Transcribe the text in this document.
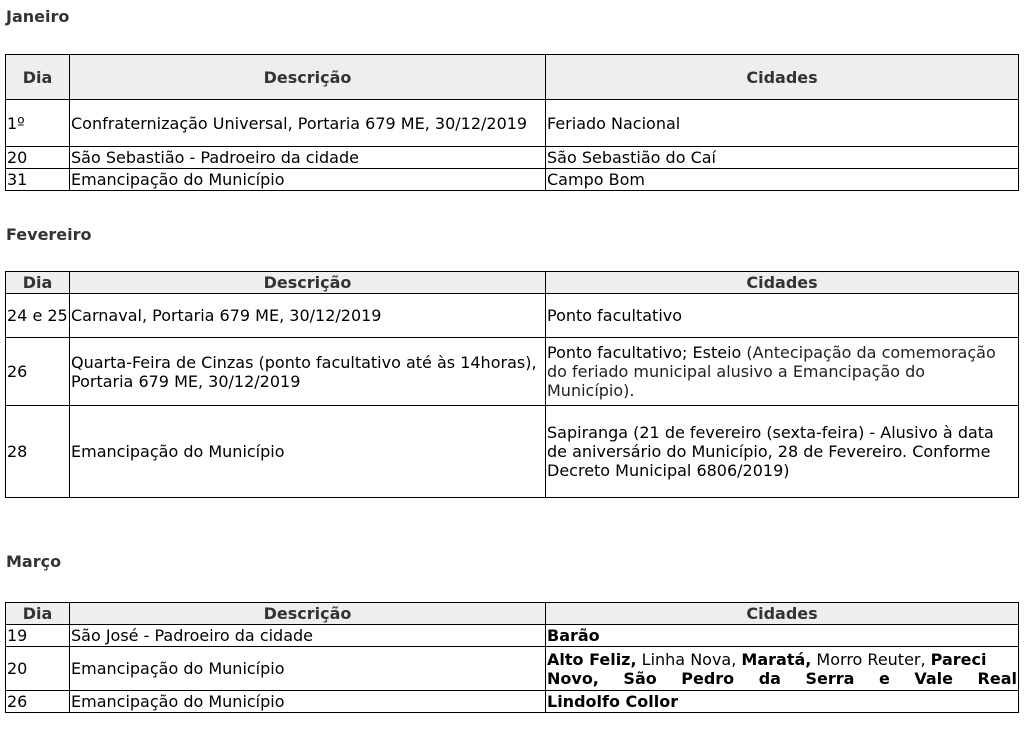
Janeiro
Dia	Descrição	Cidades
1º	Confraternização Universal, Portaria 679 ME, 30/12/2019	Feriado Nacional
20	São Sebastião - Padroeiro da cidade	São Sebastião do Caí
31	Emancipação do Município	Campo Bom
Fevereiro
Dia	Descrição	Cidades
24 e 25	Carnaval, Portaria 679 ME, 30/12/2019	Ponto facultativo
26	Quarta-Feira de Cinzas (ponto facultativo até às 14horas), Portaria 679 ME, 30/12/2019	Ponto facultativo; Esteio (Antecipação da comemoração do feriado municipal alusivo a Emancipação do Município).
28	Emancipação do Município	Sapiranga (21 de fevereiro (sexta-feira) - Alusivo à data de aniversário do Município, 28 de Fevereiro. Conforme Decreto Municipal 6806/2019)
Março
Dia	Descrição	Cidades
19	São José - Padroeiro da cidade	Barão
20	Emancipação do Município	Alto Feliz, Linha Nova, Maratá, Morro Reuter, Pareci Novo, São Pedro da Serra e Vale Real
26	Emancipação do Município	Lindolfo Collor
